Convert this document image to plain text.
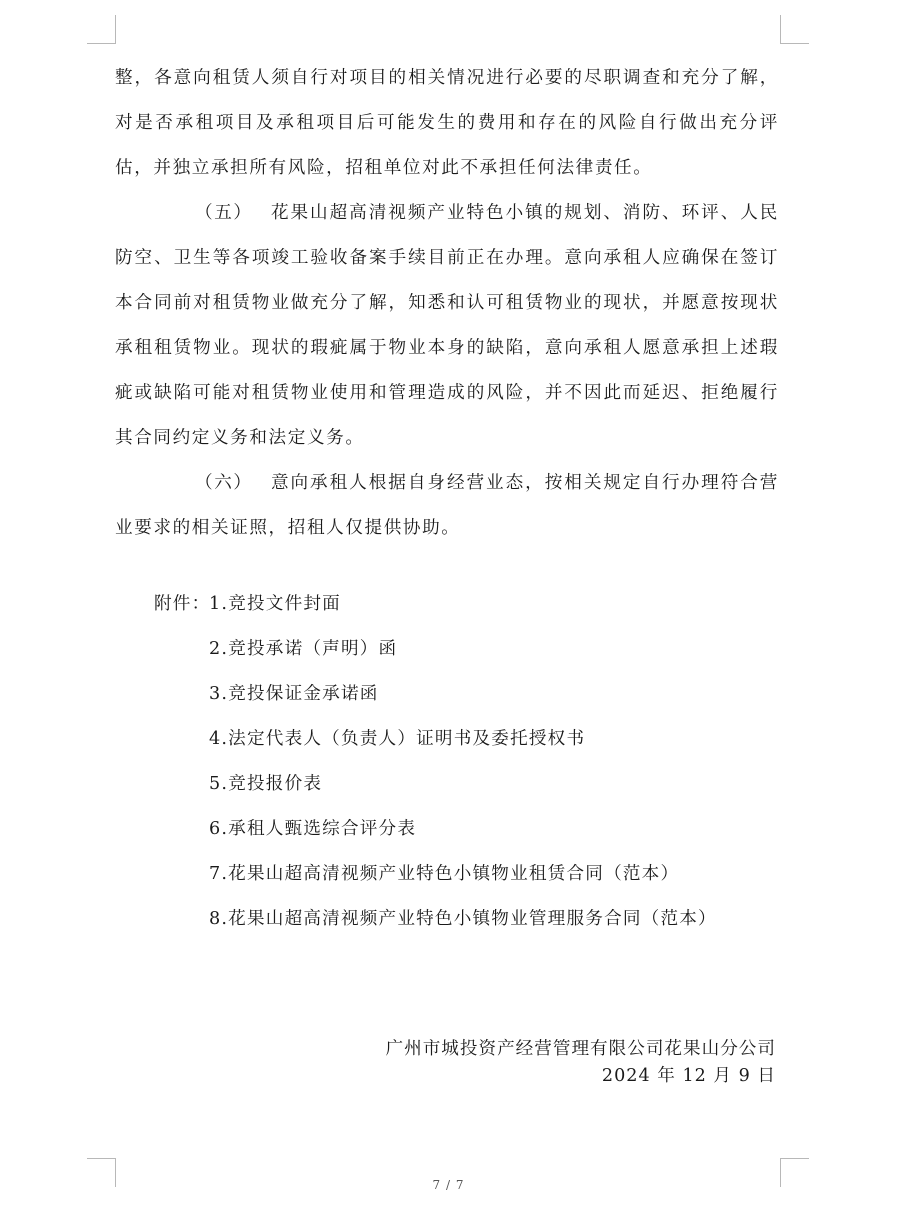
整，各意向租赁人须自行对项目的相关情况进行必要的尽职调查和充分了解，对是否承租项目及承租项目后可能发生的费用和存在的风险自行做出充分评估，并独立承担所有风险，招租单位对此不承担任何法律责任。

（五） 花果山超高清视频产业特色小镇的规划、消防、环评、人民防空、卫生等各项竣工验收备案手续目前正在办理。意向承租人应确保在签订本合同前对租赁物业做充分了解，知悉和认可租赁物业的现状，并愿意按现状承租租赁物业。现状的瑕疵属于物业本身的缺陷，意向承租人愿意承担上述瑕疵或缺陷可能对租赁物业使用和管理造成的风险，并不因此而延迟、拒绝履行其合同约定义务和法定义务。

（六） 意向承租人根据自身经营业态，按相关规定自行办理符合营业要求的相关证照，招租人仅提供协助。

附件：1.竞投文件封面
2.竞投承诺（声明）函
3.竞投保证金承诺函
4.法定代表人（负责人）证明书及委托授权书
5.竞投报价表
6.承租人甄选综合评分表
7.花果山超高清视频产业特色小镇物业租赁合同（范本）
8.花果山超高清视频产业特色小镇物业管理服务合同（范本）
广州市城投资产经营管理有限公司花果山分公司
2024 年 12 月 9 日
7 / 7
